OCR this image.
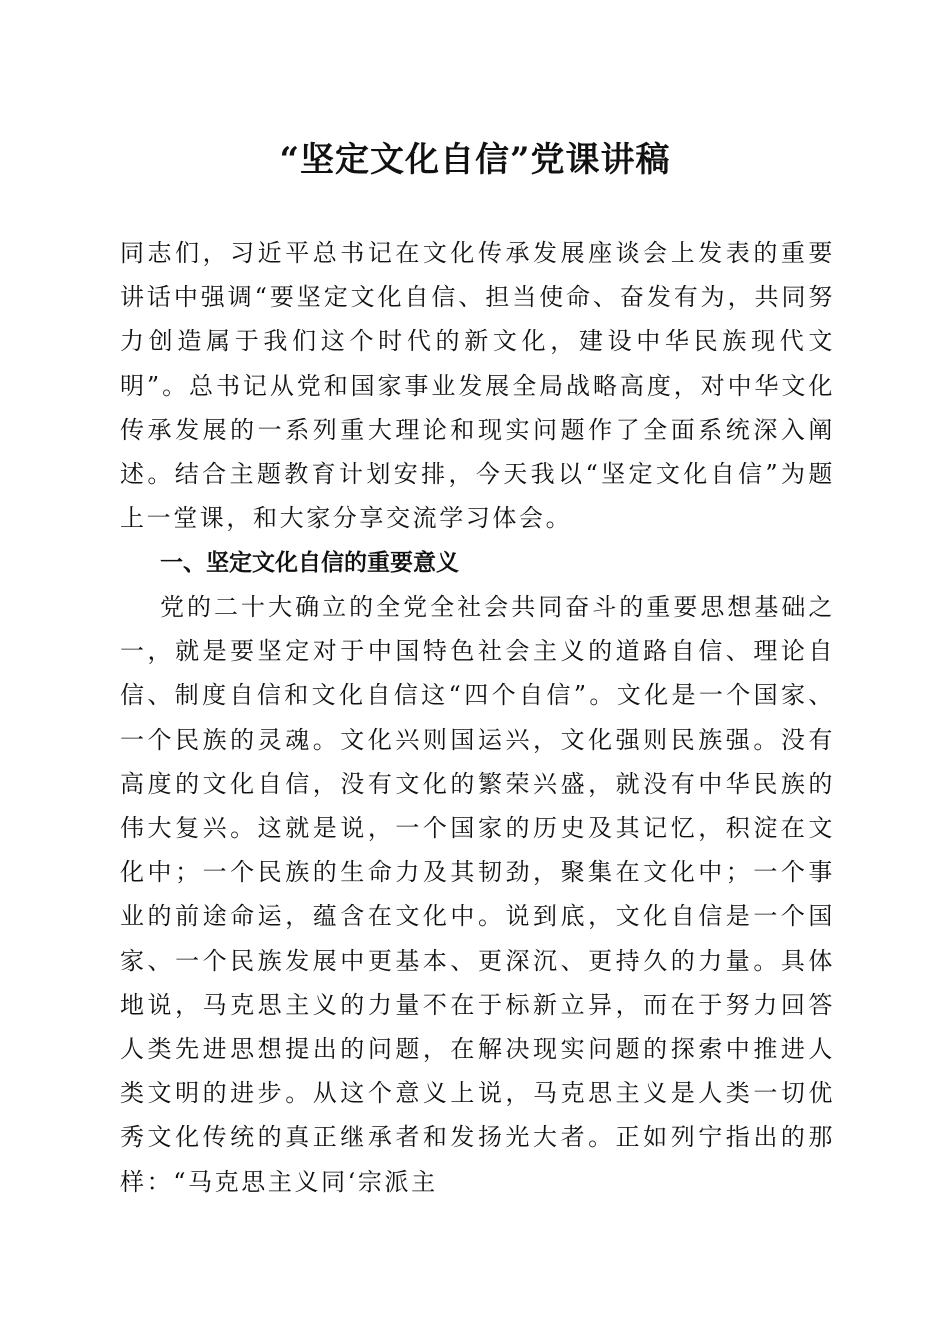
“坚定文化自信”党课讲稿

同志们，习近平总书记在文化传承发展座谈会上发表的重要讲话中强调“要坚定文化自信、担当使命、奋发有为，共同努力创造属于我们这个时代的新文化，建设中华民族现代文明”。总书记从党和国家事业发展全局战略高度，对中华文化传承发展的一系列重大理论和现实问题作了全面系统深入阐述。结合主题教育计划安排，今天我以“坚定文化自信”为题上一堂课，和大家分享交流学习体会。

一、坚定文化自信的重要意义

党的二十大确立的全党全社会共同奋斗的重要思想基础之一，就是要坚定对于中国特色社会主义的道路自信、理论自信、制度自信和文化自信这“四个自信”。文化是一个国家、一个民族的灵魂。文化兴则国运兴，文化强则民族强。没有高度的文化自信，没有文化的繁荣兴盛，就没有中华民族的伟大复兴。这就是说，一个国家的历史及其记忆，积淀在文化中；一个民族的生命力及其韧劲，聚集在文化中；一个事业的前途命运，蕴含在文化中。说到底，文化自信是一个国家、一个民族发展中更基本、更深沉、更持久的力量。具体地说，马克思主义的力量不在于标新立异，而在于努力回答人类先进思想提出的问题，在解决现实问题的探索中推进人类文明的进步。从这个意义上说，马克思主义是人类一切优秀文化传统的真正继承者和发扬光大者。正如列宁指出的那样：“马克思主义同‘宗派主
